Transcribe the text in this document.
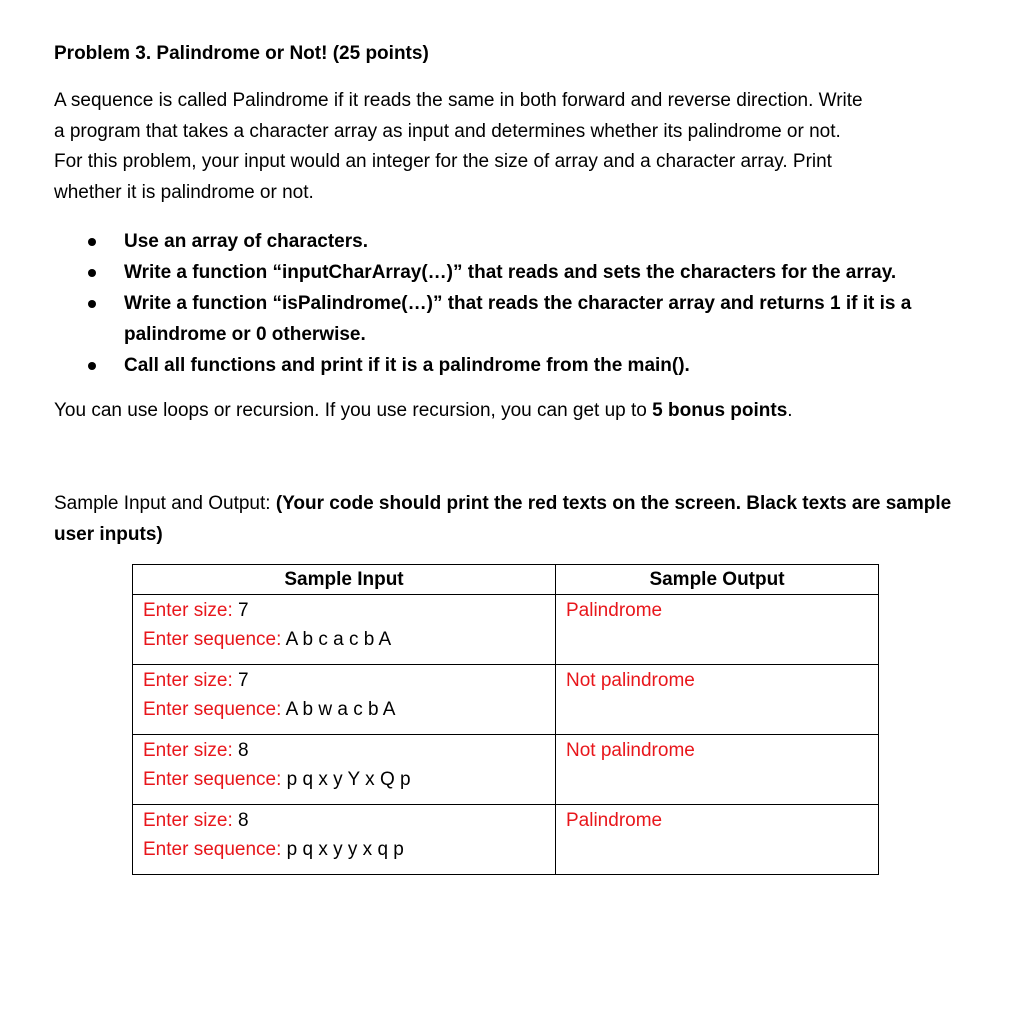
Problem 3. Palindrome or Not! (25 points)

A sequence is called Palindrome if it reads the same in both forward and reverse direction. Write

a program that takes a character array as input and determines whether its palindrome or not.

For this problem, your input would an integer for the size of array and a character array. Print

whether it is palindrome or not.

Use an array of characters.
Write a function “inputCharArray(…)” that reads and sets the characters for the array.
Write a function “isPalindrome(…)” that reads the character array and returns 1 if it is a palindrome or 0 otherwise.
Call all functions and print if it is a palindrome from the main().

You can use loops or recursion. If you use recursion, you can get up to 5 bonus points.

Sample Input and Output: (Your code should print the red texts on the screen. Black texts are sample user inputs)

Sample Input	Sample Output

Enter size: 7
Enter sequence: A b c a c b A	Palindrome

Enter size: 7
Enter sequence: A b w a c b A	Not palindrome

Enter size: 8
Enter sequence: p q x y Y x Q p	Not palindrome

Enter size: 8
Enter sequence: p q x y y x q p	Palindrome
